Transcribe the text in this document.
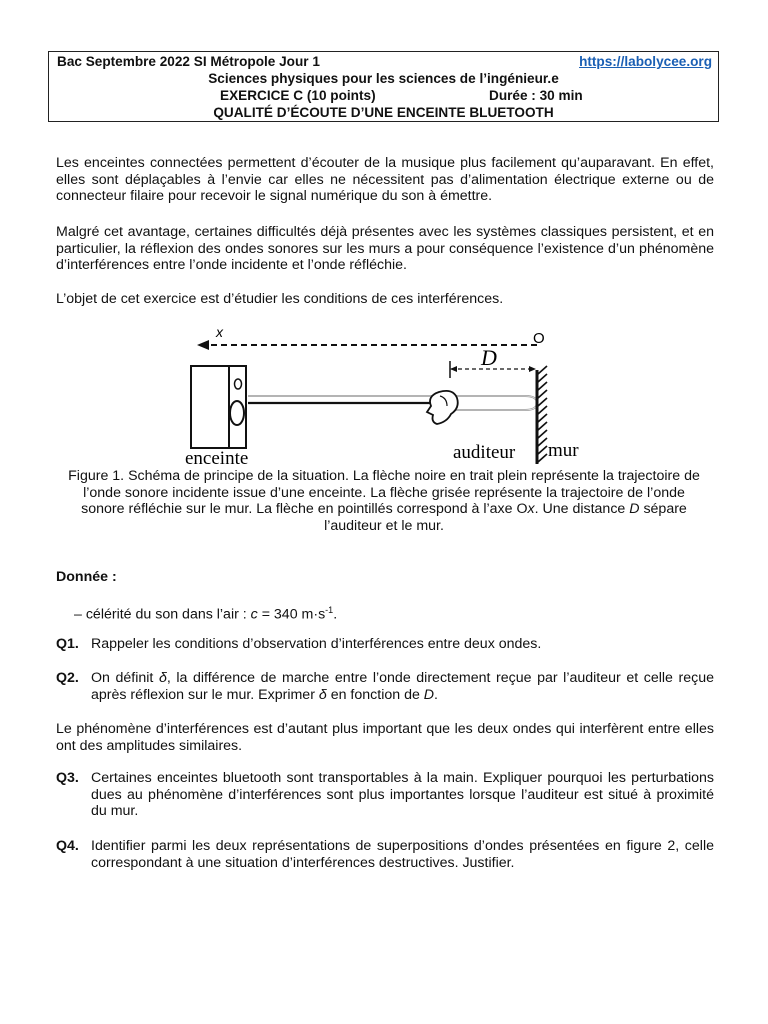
Bac Septembre 2022 SI Métropole Jour 1	https://labolycee.org
Sciences physiques pour les sciences de l’ingénieur.e
EXERCICE C (10 points)	Durée : 30 min
QUALITÉ D’ÉCOUTE D’UNE ENCEINTE BLUETOOTH

Les enceintes connectées permettent d’écouter de la musique plus facilement qu’auparavant. En effet, elles sont déplaçables à l’envie car elles ne nécessitent pas d’alimentation électrique externe ou de connecteur filaire pour recevoir le signal numérique du son à émettre.

Malgré cet avantage, certaines difficultés déjà présentes avec les systèmes classiques persistent, et en particulier, la réflexion des ondes sonores sur les murs a pour conséquence l’existence d’un phénomène d’interférences entre l’onde incidente et l’onde réfléchie.

L’objet de cet exercice est d’étudier les conditions de ces interférences.

x	O
enceinte
D
auditeur mur
Figure 1. Schéma de principe de la situation. La flèche noire en trait plein représente la trajectoire de l’onde sonore incidente issue d’une enceinte. La flèche grisée représente la trajectoire de l’onde sonore réfléchie sur le mur. La flèche en pointillés correspond à l’axe Ox. Une distance D sépare l’auditeur et le mur.
Donnée :
– célérité du son dans l’air : c = 340 $m\cdot s^{-1}$.
Q1. Rappeler les conditions d’observation d’interférences entre deux ondes.
Q2. On définit δ, la différence de marche entre l’onde directement reçue par l’auditeur et celle reçue après réflexion sur le mur. Exprimer δ en fonction de D.

Le phénomène d’interférences est d’autant plus important que les deux ondes qui interfèrent entre elles ont des amplitudes similaires.

Q3. Certaines enceintes bluetooth sont transportables à la main. Expliquer pourquoi les perturbations dues au phénomène d’interférences sont plus importantes lorsque l’auditeur est situé à proximité du mur.
Q4. Identifier parmi les deux représentations de superpositions d’ondes présentées en figure 2, celle correspondant à une situation d’interférences destructives. Justifier.
